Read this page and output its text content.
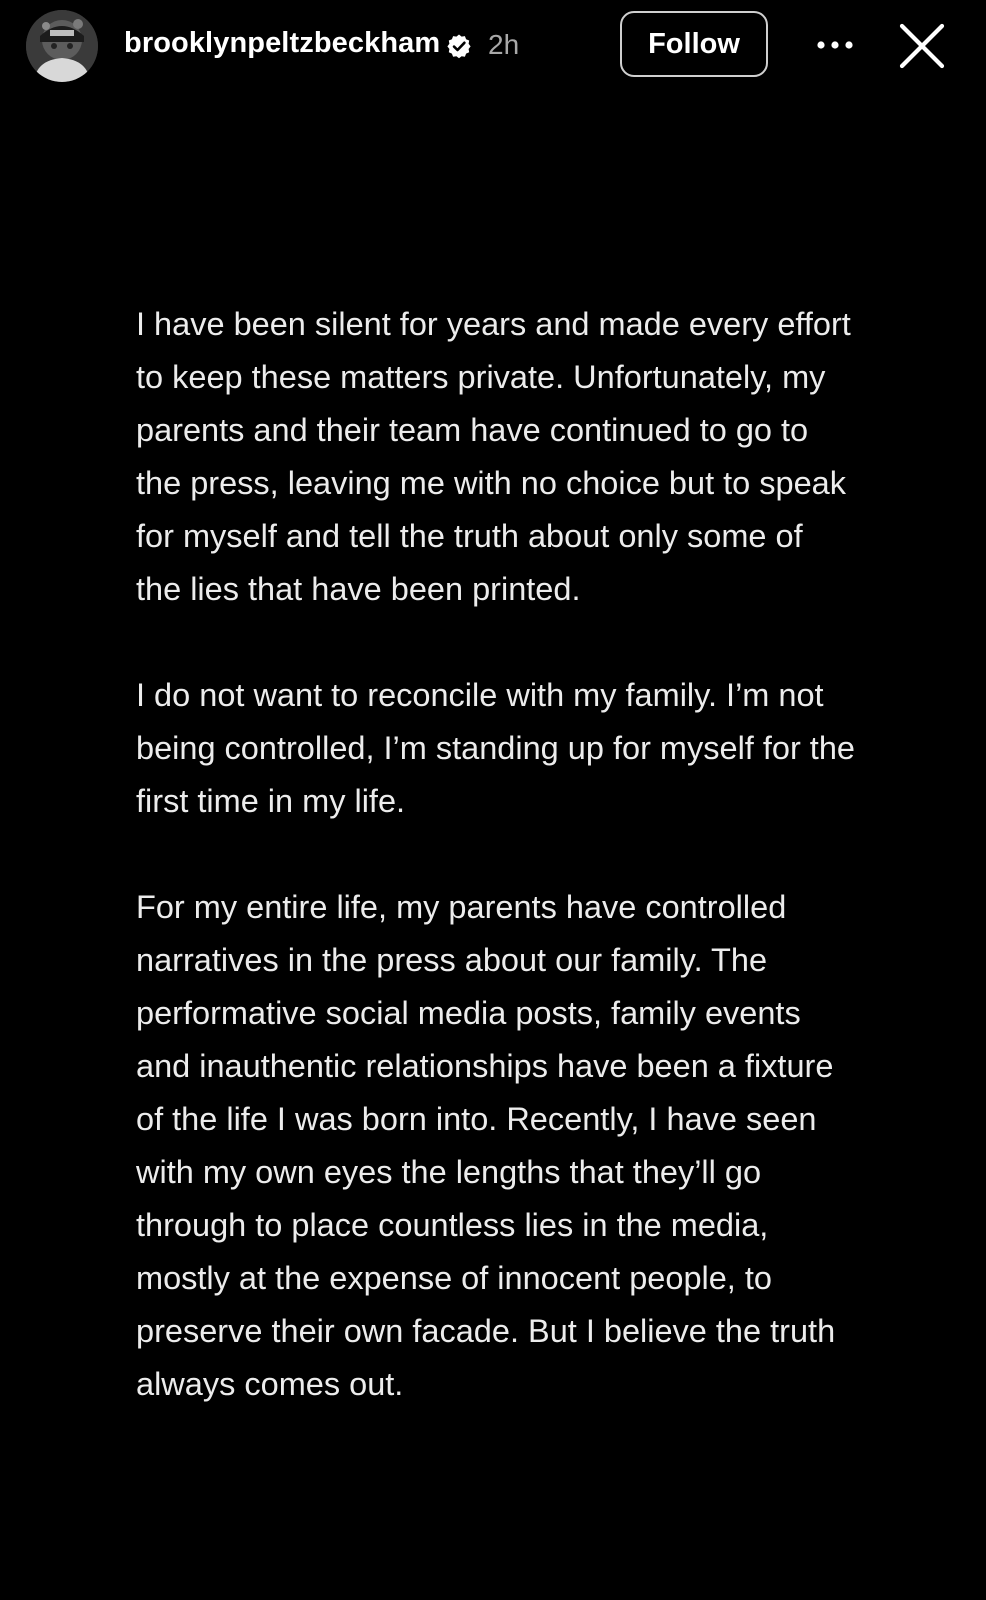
brooklynpeltzbeckham 2h	Follow

I have been silent for years and made every effort to keep these matters private. Unfortunately, my parents and their team have continued to go to the press, leaving me with no choice but to speak for myself and tell the truth about only some of the lies that have been printed.

I do not want to reconcile with my family. I’m not being controlled, I’m standing up for myself for the first time in my life.

For my entire life, my parents have controlled narratives in the press about our family. The performative social media posts, family events and inauthentic relationships have been a fixture of the life I was born into. Recently, I have seen with my own eyes the lengths that they’ll go through to place countless lies in the media, mostly at the expense of innocent people, to preserve their own facade. But I believe the truth always comes out.
